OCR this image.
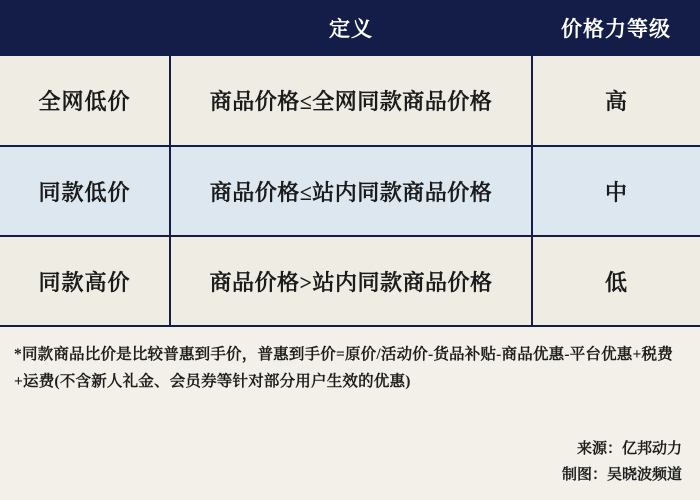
	定义	价格力等级
全网低价	商品价格≤全网同款商品价格	高
同款低价	商品价格≤站内同款商品价格	中
同款高价	商品价格>站内同款商品价格	低
*同款商品比价是比较普惠到手价，普惠到手价=原价/活动价-货品补贴-商品优惠-平台优惠+税费+运费(不含新人礼金、会员券等针对部分用户生效的优惠)
来源：亿邦动力
制图：吴晓波频道
